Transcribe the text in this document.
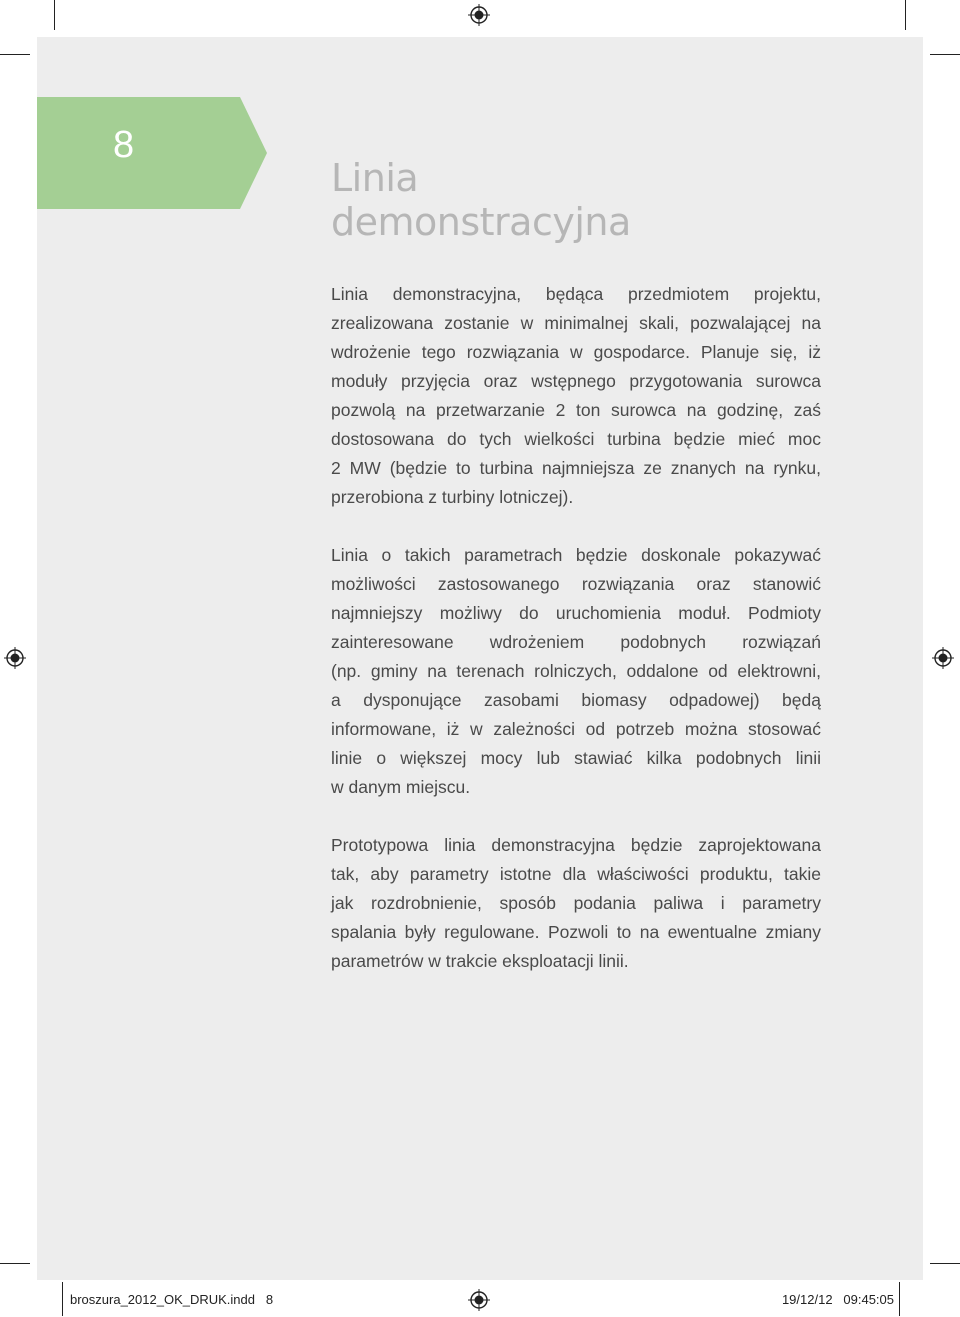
8
Linia
demonstracyjna

Linia demonstracyjna, będąca przedmiotem projektu,
zrealizowana zostanie w minimalnej skali, pozwalającej na
wdrożenie tego rozwiązania w gospodarce. Planuje się, iż
moduły przyjęcia oraz wstępnego przygotowania surowca
pozwolą na przetwarzanie 2 ton surowca na godzinę, zaś
dostosowana do tych wielkości turbina będzie mieć moc
2 MW (będzie to turbina najmniejsza ze znanych na rynku,
przerobiona z turbiny lotniczej).

Linia o takich parametrach będzie doskonale pokazywać
możliwości zastosowanego rozwiązania oraz stanowić
najmniejszy możliwy do uruchomienia moduł. Podmioty
zainteresowane wdrożeniem podobnych rozwiązań
(np. gminy na terenach rolniczych, oddalone od elektrowni,
a dysponujące zasobami biomasy odpadowej) będą
informowane, iż w zależności od potrzeb można stosować
linie o większej mocy lub stawiać kilka podobnych linii
w danym miejscu.

Prototypowa linia demonstracyjna będzie zaprojektowana
tak, aby parametry istotne dla właściwości produktu, takie
jak rozdrobnienie, sposób podania paliwa i parametry
spalania były regulowane. Pozwoli to na ewentualne zmiany
parametrów w trakcie eksploatacji linii.

broszura_2012_OK_DRUK.indd   8	19/12/12   09:45:05
